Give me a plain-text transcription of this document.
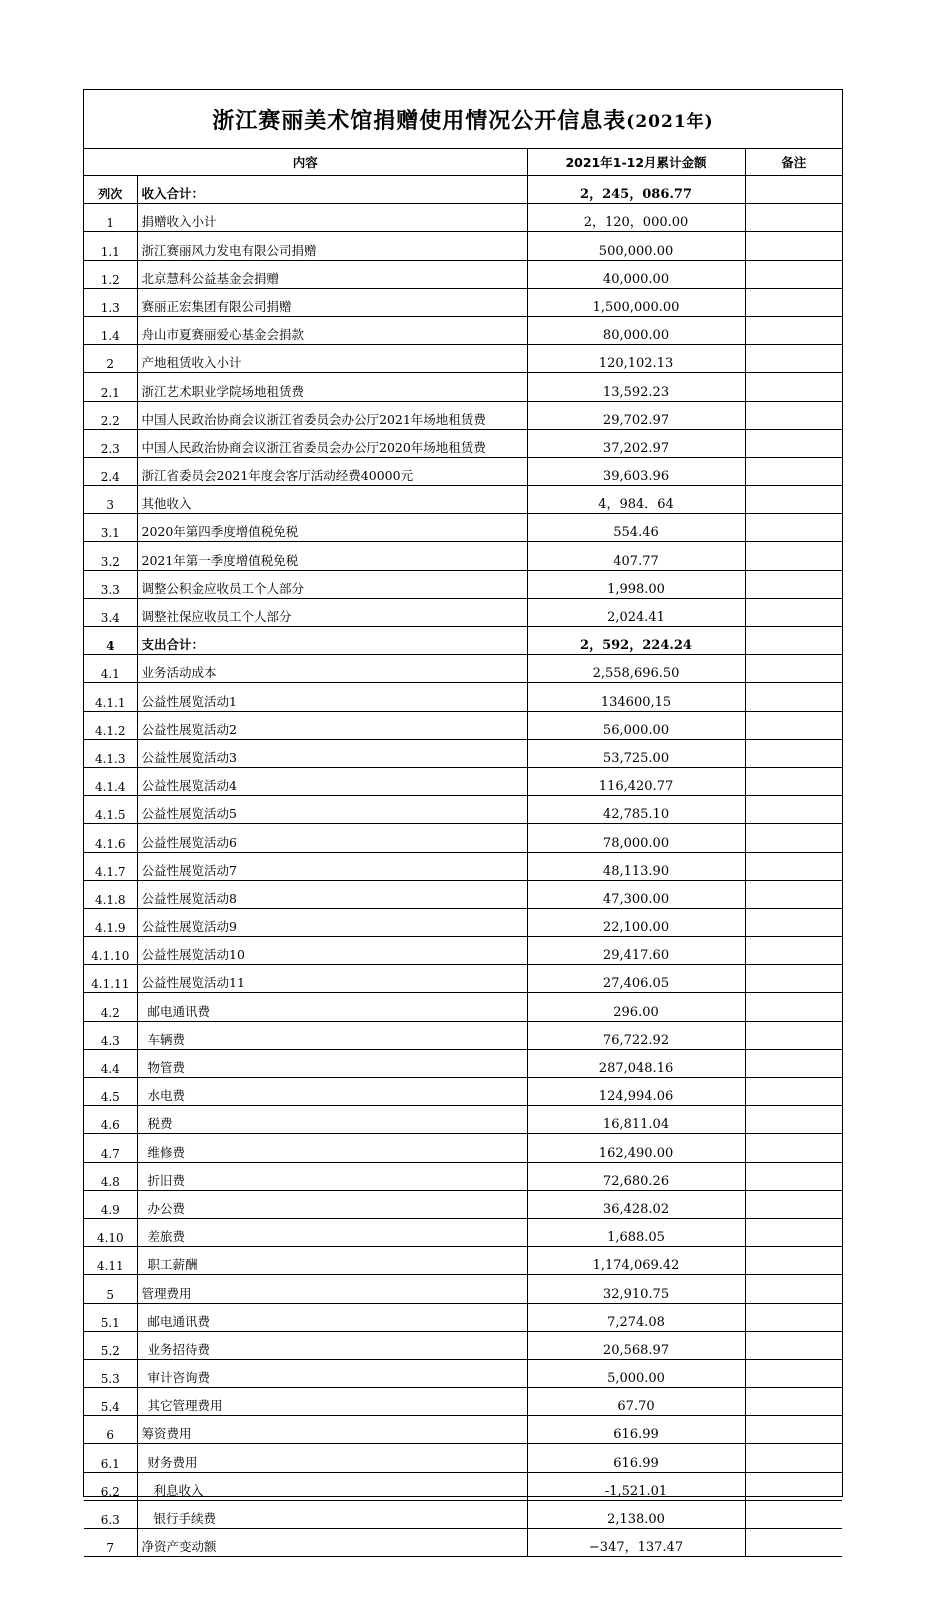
浙江赛丽美术馆捐赠使用情况公开信息表 (2021年)
内容		2021年1-12月累计金额	备注
列次	收入合计：	2，245，086.77	
1	捐赠收入小计	2，120，000.00	
1.1	浙江赛丽风力发电有限公司捐赠	500,000.00	
1.2	北京慧科公益基金会捐赠	40,000.00	
1.3	赛丽正宏集团有限公司捐赠	1,500,000.00	
1.4	舟山市夏赛丽爱心基金会捐款	80,000.00	
2	产地租赁收入小计	120,102.13	
2.1	浙江艺术职业学院场地租赁费	13,592.23	
2.2	中国人民政治协商会议浙江省委员会办公厅2021年场地租赁费	29,702.97	
2.3	中国人民政治协商会议浙江省委员会办公厅2020年场地租赁费	37,202.97	
2.4	浙江省委员会2021年度会客厅活动经费40000元	39,603.96	
3	其他收入	4，984．64	
3.1	2020年第四季度增值税免税	554.46	
3.2	2021年第一季度增值税免税	407.77	
3.3	调整公积金应收员工个人部分	1,998.00	
3.4	调整社保应收员工个人部分	2,024.41	
4	支出合计：	2，592，224.24	
4.1	业务活动成本	2,558,696.50	
4.1.1	公益性展览活动1	134600,15	
4.1.2	公益性展览活动2	56,000.00	
4.1.3	公益性展览活动3	53,725.00	
4.1.4	公益性展览活动4	116,420.77	
4.1.5	公益性展览活动5	42,785.10	
4.1.6	公益性展览活动6	78,000.00	
4.1.7	公益性展览活动7	48,113.90	
4.1.8	公益性展览活动8	47,300.00	
4.1.9	公益性展览活动9	22,100.00	
4.1.10	公益性展览活动10	29,417.60	
4.1.11	公益性展览活动11	27,406.05	
4.2	邮电通讯费	296.00	
4.3	车辆费	76,722.92	
4.4	物管费	287,048.16	
4.5	水电费	124,994.06	
4.6	税费	16,811.04	
4.7	维修费	162,490.00	
4.8	折旧费	72,680.26	
4.9	办公费	36,428.02	
4.10	差旅费	1,688.05	
4.11	职工薪酬	1,174,069.42	
5	管理费用	32,910.75	
5.1	邮电通讯费	7,274.08	
5.2	业务招待费	20,568.97	
5.3	审计咨询费	5,000.00	
5.4	其它管理费用	67.70	
6	筹资费用	616.99	
6.1	财务费用	616.99	
6.2	利息收入	-1,521.01	
6.3	银行手续费	2,138.00	
7	净资产变动额	−347，137.47	
